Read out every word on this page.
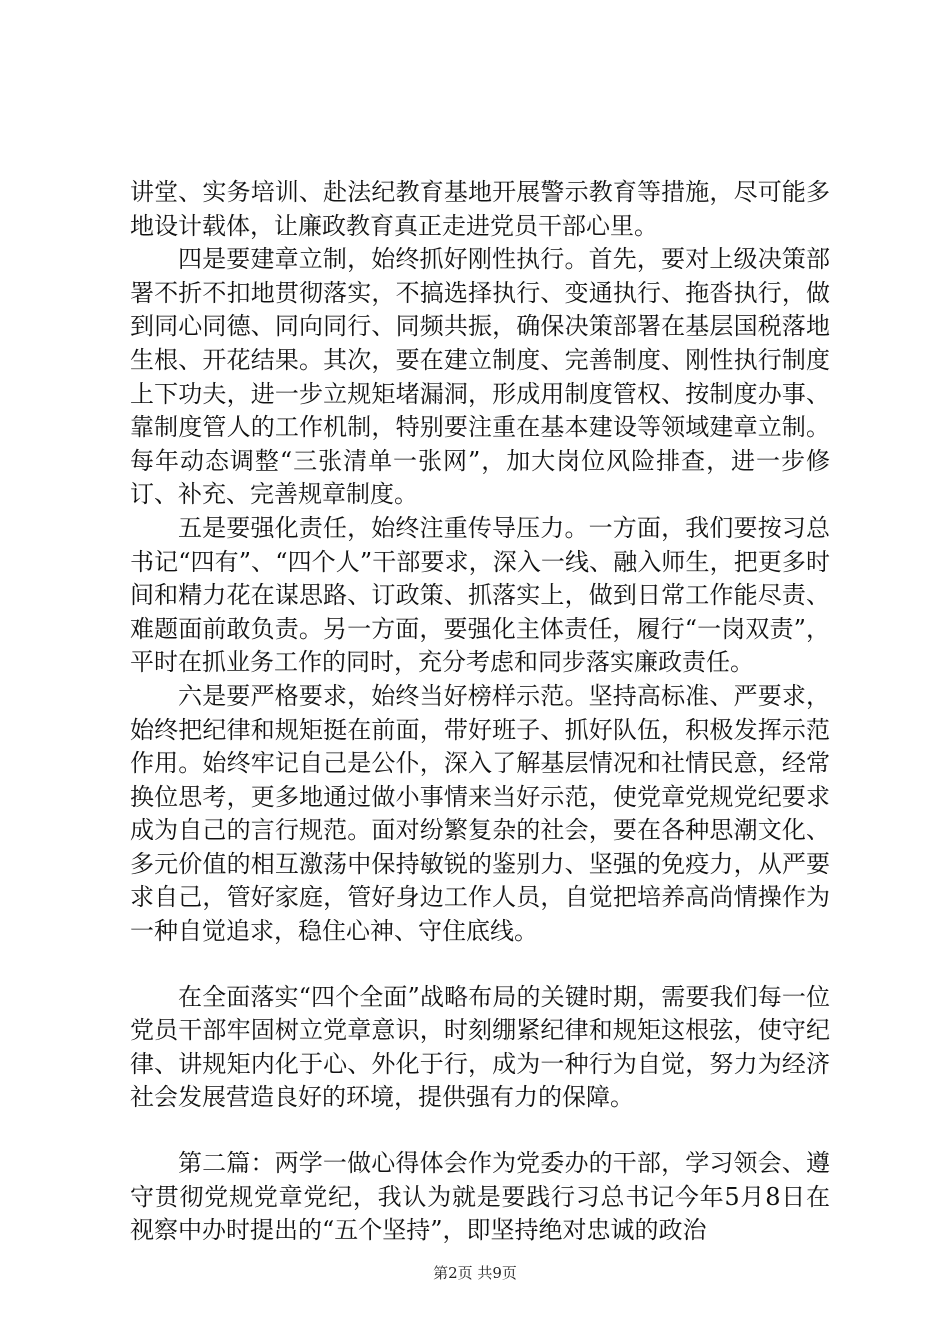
讲堂、实务培训、赴法纪教育基地开展警示教育等措施，尽可能多地设计载体，让廉政教育真正走进党员干部心里。

四是要建章立制，始终抓好刚性执行。首先，要对上级决策部署不折不扣地贯彻落实，不搞选择执行、变通执行、拖沓执行，做到同心同德、同向同行、同频共振，确保决策部署在基层国税落地生根、开花结果。其次，要在建立制度、完善制度、刚性执行制度上下功夫，进一步立规矩堵漏洞，形成用制度管权、按制度办事、靠制度管人的工作机制，特别要注重在基本建设等领域建章立制。每年动态调整“三张清单一张网”，加大岗位风险排查，进一步修订、补充、完善规章制度。

五是要强化责任，始终注重传导压力。一方面，我们要按习总书记“四有”、“四个人”干部要求，深入一线、融入师生，把更多时间和精力花在谋思路、订政策、抓落实上，做到日常工作能尽责、难题面前敢负责。另一方面，要强化主体责任，履行“一岗双责”，平时在抓业务工作的同时，充分考虑和同步落实廉政责任。

六是要严格要求，始终当好榜样示范。坚持高标准、严要求，始终把纪律和规矩挺在前面，带好班子、抓好队伍，积极发挥示范作用。始终牢记自己是公仆，深入了解基层情况和社情民意，经常换位思考，更多地通过做小事情来当好示范，使党章党规党纪要求成为自己的言行规范。面对纷繁复杂的社会，要在各种思潮文化、多元价值的相互激荡中保持敏锐的鉴别力、坚强的免疫力，从严要求自己，管好家庭，管好身边工作人员，自觉把培养高尚情操作为一种自觉追求，稳住心神、守住底线。

在全面落实“四个全面”战略布局的关键时期，需要我们每一位党员干部牢固树立党章意识，时刻绷紧纪律和规矩这根弦，使守纪律、讲规矩内化于心、外化于行，成为一种行为自觉，努力为经济社会发展营造良好的环境，提供强有力的保障。

第二篇：两学一做心得体会作为党委办的干部，学习领会、遵守贯彻党规党章党纪，我认为就是要践行习总书记今年5月8日在视察中办时提出的“五个坚持”，即坚持绝对忠诚的政治

第2页 共9页
